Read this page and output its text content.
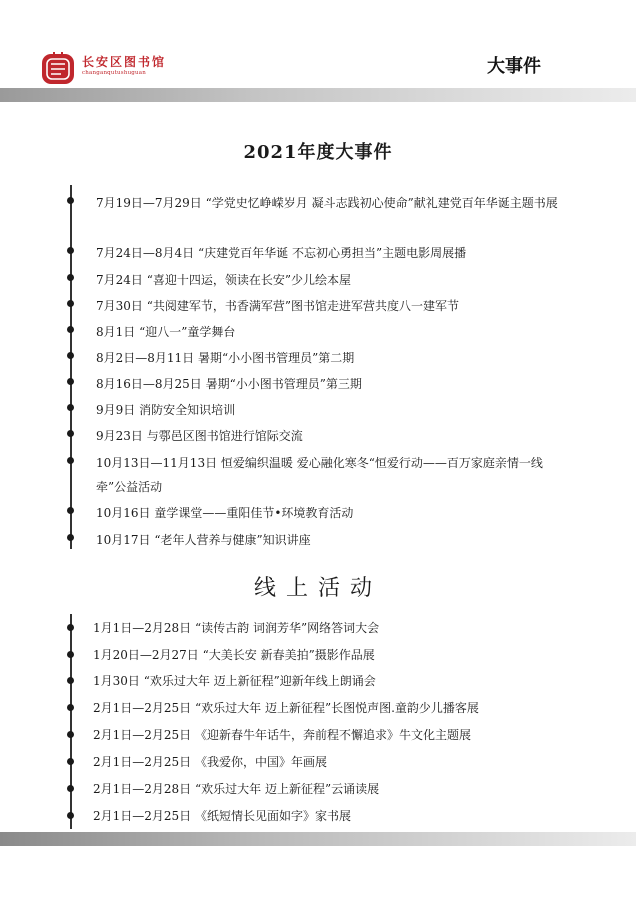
长安区图书馆
changanqutushuguan	大事件
2021年度大事件
7月19日—7月29日 “学党史忆峥嵘岁月 凝斗志践初心使命”献礼建党百年华诞主题书展
7月24日—8月4日 “庆建党百年华诞 不忘初心勇担当”主题电影周展播
7月24日 “喜迎十四运，领读在长安”少儿绘本屋
7月30日 “共阅建军节，书香满军营”图书馆走进军营共度八一建军节
8月1日 “迎八一”童学舞台
8月2日—8月11日 暑期“小小图书管理员”第二期
8月16日—8月25日 暑期“小小图书管理员”第三期
9月9日 消防安全知识培训
9月23日 与鄠邑区图书馆进行馆际交流
10月13日—11月13日 恒爱编织温暖 爱心融化寒冬“恒爱行动——百万家庭亲情一线牵”公益活动
10月16日 童学课堂——重阳佳节•环境教育活动
10月17日 “老年人营养与健康”知识讲座
线上活动
1月1日—2月28日 “读传古韵 词润芳华”网络答词大会
1月20日—2月27日 “大美长安 新春美拍”摄影作品展
1月30日 “欢乐过大年 迈上新征程”迎新年线上朗诵会
2月1日—2月25日 “欢乐过大年 迈上新征程”长图悦声图.童韵少儿播客展
2月1日—2月25日 《迎新春牛年话牛，奔前程不懈追求》牛文化主题展
2月1日—2月25日 《我爱你，中国》年画展
2月1日—2月28日 “欢乐过大年 迈上新征程”云诵读展
2月1日—2月25日 《纸短情长见面如字》家书展
